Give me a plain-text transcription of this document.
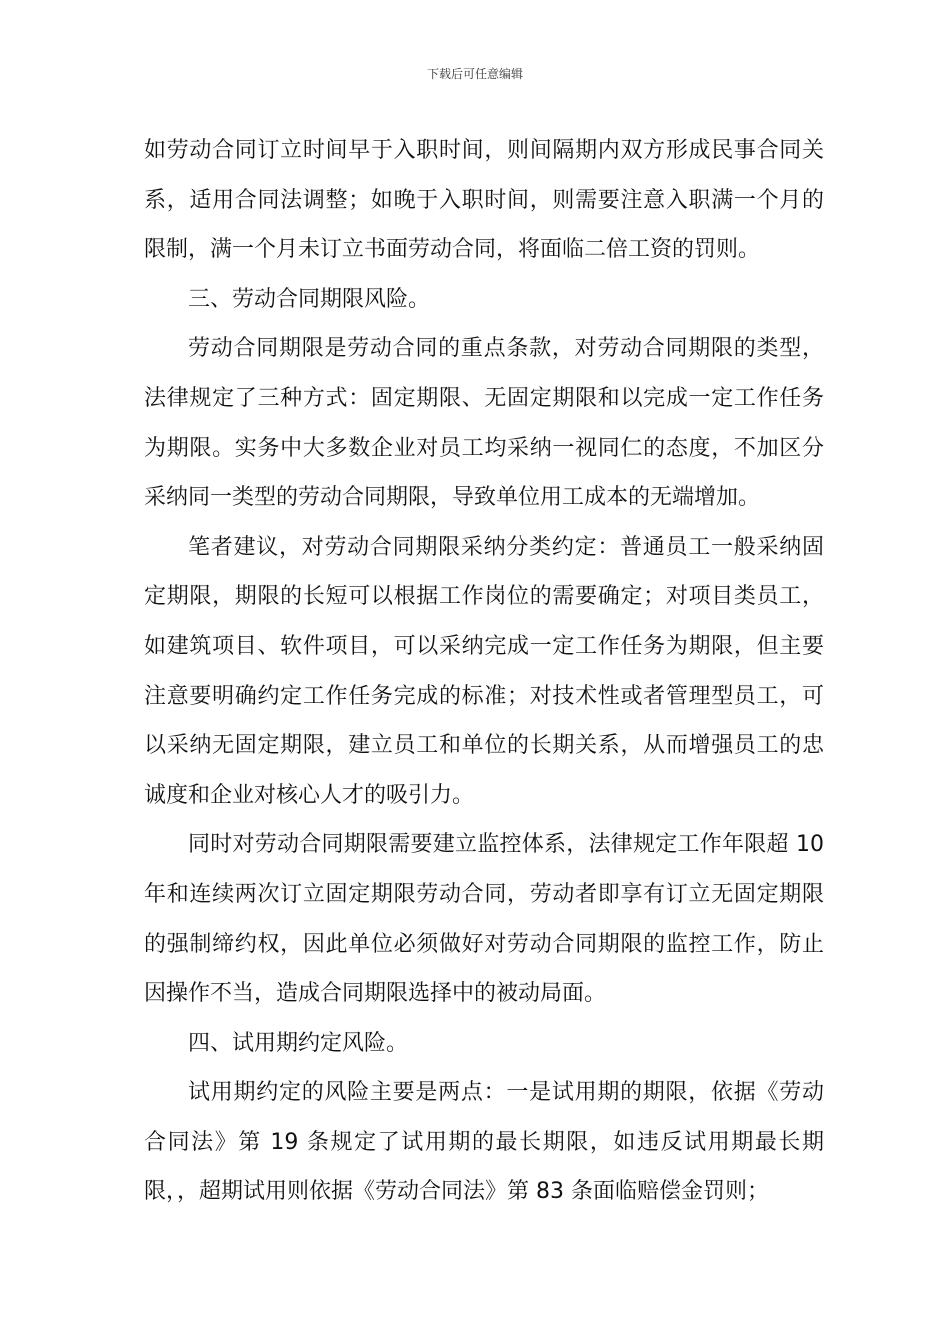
下载后可任意编辑

如劳动合同订立时间早于入职时间，则间隔期内双方形成民事合同关系，适用合同法调整；如晚于入职时间，则需要注意入职满一个月的限制，满一个月未订立书面劳动合同，将面临二倍工资的罚则。

三、劳动合同期限风险。

劳动合同期限是劳动合同的重点条款，对劳动合同期限的类型，法律规定了三种方式：固定期限、无固定期限和以完成一定工作任务为期限。实务中大多数企业对员工均采纳一视同仁的态度，不加区分采纳同一类型的劳动合同期限，导致单位用工成本的无端增加。

笔者建议，对劳动合同期限采纳分类约定：普通员工一般采纳固定期限，期限的长短可以根据工作岗位的需要确定；对项目类员工，如建筑项目、软件项目，可以采纳完成一定工作任务为期限，但主要注意要明确约定工作任务完成的标准；对技术性或者管理型员工，可以采纳无固定期限，建立员工和单位的长期关系，从而增强员工的忠诚度和企业对核心人才的吸引力。

同时对劳动合同期限需要建立监控体系，法律规定工作年限超 10 年和连续两次订立固定期限劳动合同，劳动者即享有订立无固定期限的强制缔约权，因此单位必须做好对劳动合同期限的监控工作，防止因操作不当，造成合同期限选择中的被动局面。

四、试用期约定风险。

试用期约定的风险主要是两点：一是试用期的期限，依据《劳动合同法》第 19 条规定了试用期的最长期限，如违反试用期最长期限，，超期试用则依据《劳动合同法》第 83 条面临赔偿金罚则；
